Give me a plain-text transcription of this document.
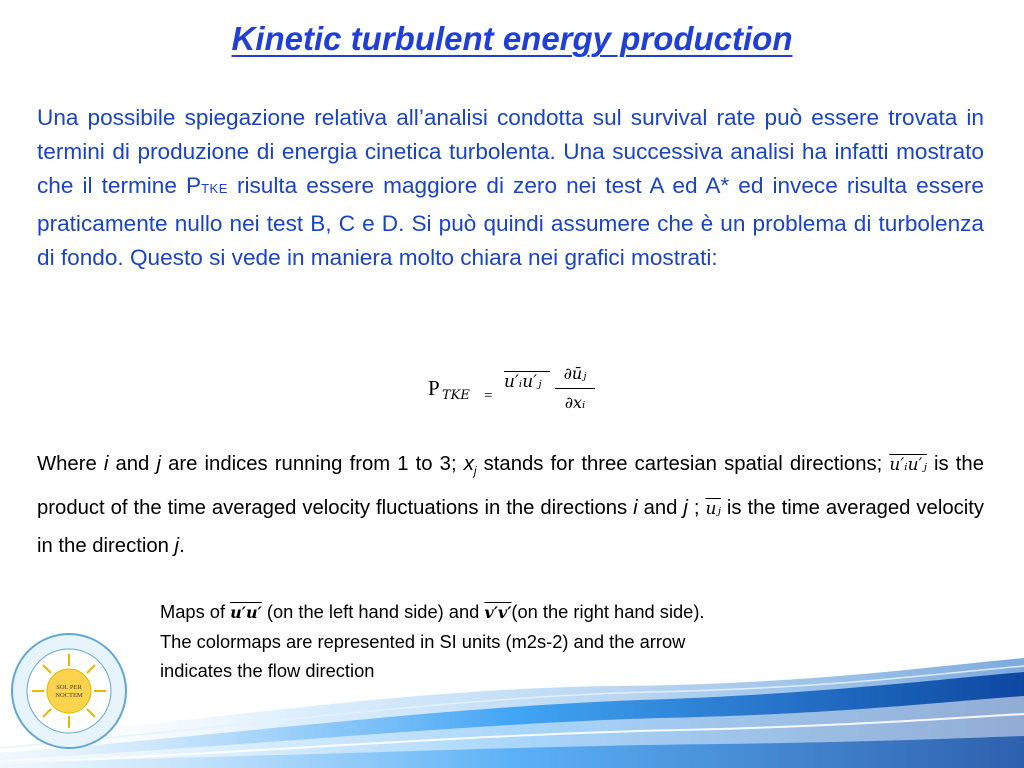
SOL PER
NOCTEM
Kinetic turbulent energy production
Una possibile spiegazione relativa all’analisi condotta sul survival rate può essere trovata in termini di produzione di energia cinetica turbolenta. Una successiva analisi ha infatti mostrato che il termine PTKE risulta essere maggiore di zero nei test A ed A* ed invece risulta essere praticamente nullo nei test B, C e D. Si può quindi assumere che è un problema di turbolenza di fondo. Questo si vede in maniera molto chiara nei grafici mostrati:
P TKE =
u′ᵢu′ⱼ	∂ūⱼ
∂xᵢ
Where i and j are indices running from 1 to 3; $x_j$ stands for three cartesian spatial directions; u′ᵢu′ⱼ is the product of the time averaged velocity fluctuations in the directions i and j ; $\overline{uⱼ}$ is the time averaged velocity in the direction j.
Maps of u′u′ (on the left hand side) and v′v′(on the right hand side).
The colormaps are represented in SI units (m2s-2) and the arrow
indicates the flow direction
